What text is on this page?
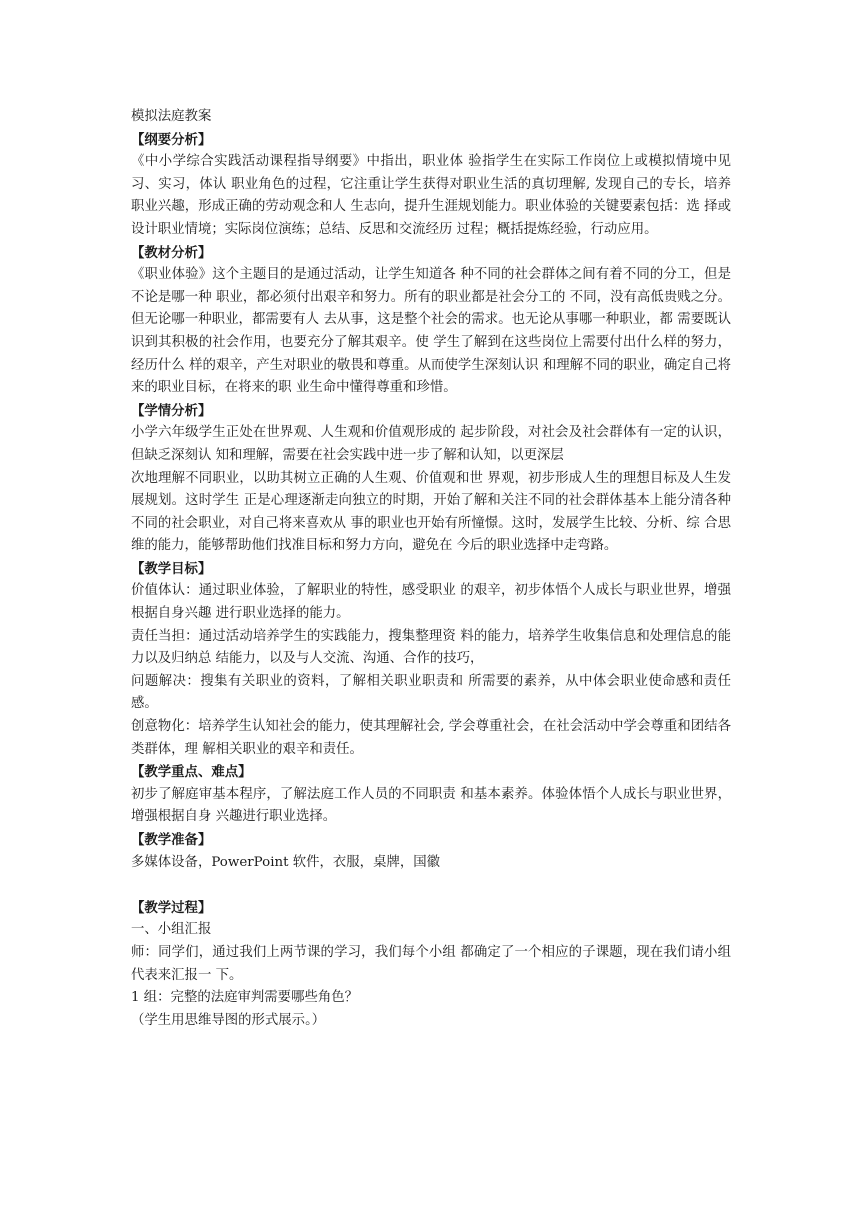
模拟法庭教案

【纲要分析】

《中小学综合实践活动课程指导纲要》中指出，职业体 验指学生在实际工作岗位上或模拟情境中见习、实习，体认 职业角色的过程，它注重让学生获得对职业生活的真切理解, 发现自己的专长，培养职业兴趣，形成正确的劳动观念和人 生志向，提升生涯规划能力。职业体验的关键要素包括：选 择或设计职业情境；实际岗位演练；总结、反思和交流经历 过程；概括提炼经验，行动应用。

【教材分析】

《职业体验》这个主题目的是通过活动，让学生知道各 种不同的社会群体之间有着不同的分工，但是不论是哪一种 职业，都必须付出艰辛和努力。所有的职业都是社会分工的 不同，没有高低贵贱之分。但无论哪一种职业，都需要有人 去从事，这是整个社会的需求。也无论从事哪一种职业，都 需要既认识到其积极的社会作用，也要充分了解其艰辛。使 学生了解到在这些岗位上需要付出什么样的努力，经历什么 样的艰辛，产生对职业的敬畏和尊重。从而使学生深刻认识 和理解不同的职业，确定自己将来的职业目标，在将来的职 业生命中懂得尊重和珍惜。

【学情分析】

小学六年级学生正处在世界观、人生观和价值观形成的 起步阶段，对社会及社会群体有一定的认识，但缺乏深刻认 知和理解，需要在社会实践中进一步了解和认知，以更深层

次地理解不同职业，以助其树立正确的人生观、价值观和世 界观，初步形成人生的理想目标及人生发展规划。这时学生 正是心理逐渐走向独立的时期，开始了解和关注不同的社会群体基本上能分清各种不同的社会职业，对自己将来喜欢从 事的职业也开始有所憧憬。这时，发展学生比较、分析、综 合思维的能力，能够帮助他们找准目标和努力方向，避免在 今后的职业选择中走弯路。

【教学目标】

价值体认：通过职业体验，了解职业的特性，感受职业 的艰辛，初步体悟个人成长与职业世界，增强根据自身兴趣 进行职业选择的能力。

责任当担：通过活动培养学生的实践能力，搜集整理资 料的能力，培养学生收集信息和处理信息的能力以及归纳总 结能力，以及与人交流、沟通、合作的技巧，

问题解决：搜集有关职业的资料，了解相关职业职责和 所需要的素养，从中体会职业使命感和责任感。

创意物化：培养学生认知社会的能力，使其理解社会, 学会尊重社会，在社会活动中学会尊重和团结各类群体，理 解相关职业的艰辛和责任。

【教学重点、难点】

初步了解庭审基本程序，了解法庭工作人员的不同职责 和基本素养。体验体悟个人成长与职业世界，增强根据自身 兴趣进行职业选择。

【教学准备】

多媒体设备，PowerPoint 软件，衣服，桌牌，国徽

【教学过程】

一、小组汇报

师：同学们，通过我们上两节课的学习，我们每个小组 都确定了一个相应的子课题，现在我们请小组代表来汇报一 下。

1 组：完整的法庭审判需要哪些角色？

（学生用思维导图的形式展示。）
